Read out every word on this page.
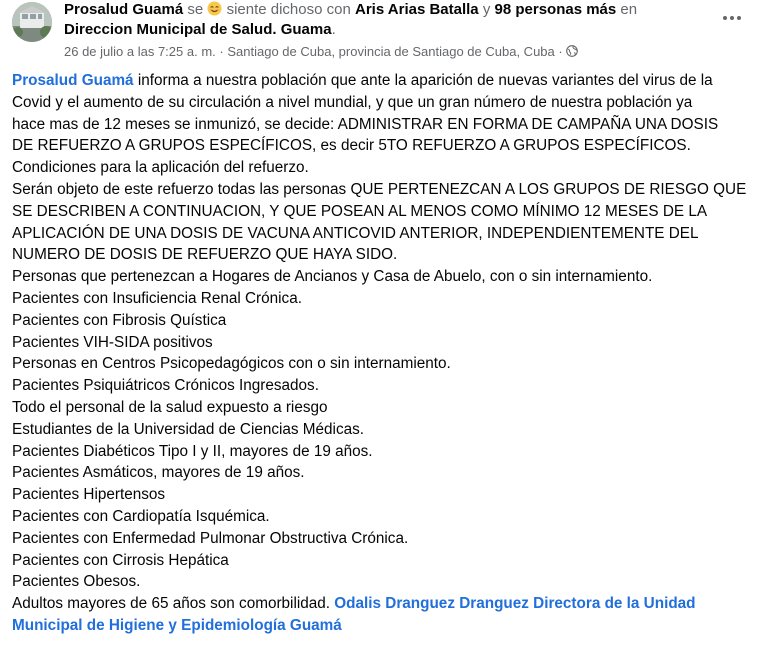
Prosalud Guamá se siente dichoso con Aris Arias Batalla y 98 personas más en
Direccion Municipal de Salud. Guama.
26 de julio a las 7:25 a. m. · Santiago de Cuba, provincia de Santiago de Cuba, Cuba ·
Prosalud Guamá informa a nuestra población que ante la aparición de nuevas variantes del virus de la
Covid y el aumento de su circulación a nivel mundial, y que un gran número de nuestra población ya
hace mas de 12 meses se inmunizó, se decide: ADMINISTRAR EN FORMA DE CAMPAÑA UNA DOSIS
DE REFUERZO A GRUPOS ESPECÍFICOS, es decir 5TO REFUERZO A GRUPOS ESPECÍFICOS.
Condiciones para la aplicación del refuerzo.
Serán objeto de este refuerzo todas las personas QUE PERTENEZCAN A LOS GRUPOS DE RIESGO QUE
SE DESCRIBEN A CONTINUACION, Y QUE POSEAN AL MENOS COMO MÍNIMO 12 MESES DE LA
APLICACIÓN DE UNA DOSIS DE VACUNA ANTICOVID ANTERIOR, INDEPENDIENTEMENTE DEL
NUMERO DE DOSIS DE REFUERZO QUE HAYA SIDO.
Personas que pertenezcan a Hogares de Ancianos y Casa de Abuelo, con o sin internamiento.
Pacientes con Insuficiencia Renal Crónica.
Pacientes con Fibrosis Quística
Pacientes VIH-SIDA positivos
Personas en Centros Psicopedagógicos con o sin internamiento.
Pacientes Psiquiátricos Crónicos Ingresados.
Todo el personal de la salud expuesto a riesgo
Estudiantes de la Universidad de Ciencias Médicas.
Pacientes Diabéticos Tipo I y II, mayores de 19 años.
Pacientes Asmáticos, mayores de 19 años.
Pacientes Hipertensos
Pacientes con Cardiopatía Isquémica.
Pacientes con Enfermedad Pulmonar Obstructiva Crónica.
Pacientes con Cirrosis Hepática
Pacientes Obesos.
Adultos mayores de 65 años son comorbilidad. Odalis Dranguez Dranguez Directora de la Unidad
Municipal de Higiene y Epidemiología Guamá
